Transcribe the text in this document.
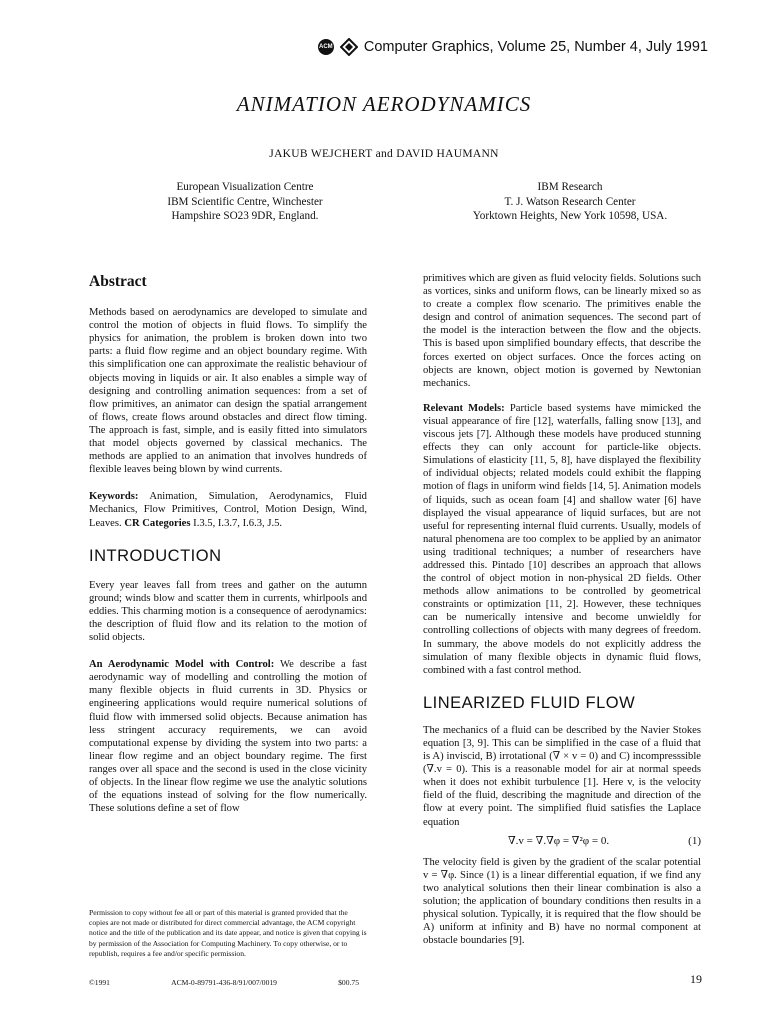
ACM Computer Graphics, Volume 25, Number 4, July 1991
ANIMATION AERODYNAMICS
JAKUB WEJCHERT and DAVID HAUMANN
European Visualization Centre
IBM Scientific Centre, Winchester
Hampshire SO23 9DR, England.
IBM Research
T. J. Watson Research Center
Yorktown Heights, New York 10598, USA.
Abstract

Methods based on aerodynamics are developed to simulate and control the motion of objects in fluid flows. To simplify the physics for animation, the problem is broken down into two parts: a fluid flow regime and an object boundary regime. With this simplification one can approximate the realistic behaviour of objects moving in liquids or air. It also enables a simple way of designing and controlling animation sequences: from a set of flow primitives, an animator can design the spatial arrangement of flows, create flows around obstacles and direct flow timing. The approach is fast, simple, and is easily fitted into simulators that model objects governed by classical mechanics. The methods are applied to an animation that involves hundreds of flexible leaves being blown by wind currents.

Keywords: Animation, Simulation, Aerodynamics, Fluid Mechanics, Flow Primitives, Control, Motion Design, Wind, Leaves. CR Categories I.3.5, I.3.7, I.6.3, J.5.

INTRODUCTION

Every year leaves fall from trees and gather on the autumn ground; winds blow and scatter them in currents, whirlpools and eddies. This charming motion is a consequence of aerodynamics: the description of fluid flow and its relation to the motion of solid objects.

An Aerodynamic Model with Control: We describe a fast aerodynamic way of modelling and controlling the motion of many flexible objects in fluid currents in 3D. Physics or engineering applications would require numerical solutions of fluid flow with immersed solid objects. Because animation has less stringent accuracy requirements, we can avoid computational expense by dividing the system into two parts: a linear flow regime and an object boundary regime. The first ranges over all space and the second is used in the close vicinity of objects. In the linear flow regime we use the analytic solutions of the equations instead of solving for the flow numerically. These solutions define a set of flow

primitives which are given as fluid velocity fields. Solutions such as vortices, sinks and uniform flows, can be linearly mixed so as to create a complex flow scenario. The primitives enable the design and control of animation sequences. The second part of the model is the interaction between the flow and the objects. This is based upon simplified boundary effects, that describe the forces exerted on object surfaces. Once the forces acting on objects are known, object motion is governed by Newtonian mechanics.

Relevant Models: Particle based systems have mimicked the visual appearance of fire [12], waterfalls, falling snow [13], and viscous jets [7]. Although these models have produced stunning effects they can only account for particle-like objects. Simulations of elasticity [11, 5, 8], have displayed the flexibility of individual objects; related models could exhibit the flapping motion of flags in uniform wind fields [14, 5]. Animation models of liquids, such as ocean foam [4] and shallow water [6] have displayed the visual appearance of liquid surfaces, but are not useful for representing internal fluid currents. Usually, models of natural phenomena are too complex to be applied by an animator using traditional techniques; a number of researchers have addressed this. Pintado [10] describes an approach that allows the control of object motion in non-physical 2D fields. Other methods allow animations to be controlled by geometrical constraints or optimization [11, 2]. However, these techniques can be numerically intensive and become unwieldly for controlling collections of objects with many degrees of freedom. In summary, the above models do not explicitly address the simulation of many flexible objects in dynamic fluid flows, combined with a fast control method.

LINEARIZED FLUID FLOW

The mechanics of a fluid can be described by the Navier Stokes equation [3, 9]. This can be simplified in the case of a fluid that is A) inviscid, B) irrotational (∇ × v = 0) and C) incompresssible (∇.v = 0). This is a reasonable model for air at normal speeds when it does not exhibit turbulence [1]. Here v, is the velocity field of the fluid, describing the magnitude and direction of the flow at every point. The simplified fluid satisfies the Laplace equation

∇.v = ∇.∇φ = ∇²φ = 0.	(1)

The velocity field is given by the gradient of the scalar potential v = ∇φ. Since (1) is a linear differential equation, if we find any two analytical solutions then their linear combination is also a solution; the application of boundary conditions then results in a physical solution. Typically, it is required that the flow should be A) uniform at infinity and B) have no normal component at obstacle boundaries [9].

Permission to copy without fee all or part of this material is granted provided that the copies are not made or distributed for direct commercial advantage, the ACM copyright notice and the title of the publication and its date appear, and notice is given that copying is by permission of the Association for Computing Machinery. To copy otherwise, or to republish, requires a fee and/or specific permission.
©1991	ACM-0-89791-436-8/91/007/0019	$00.75	19
